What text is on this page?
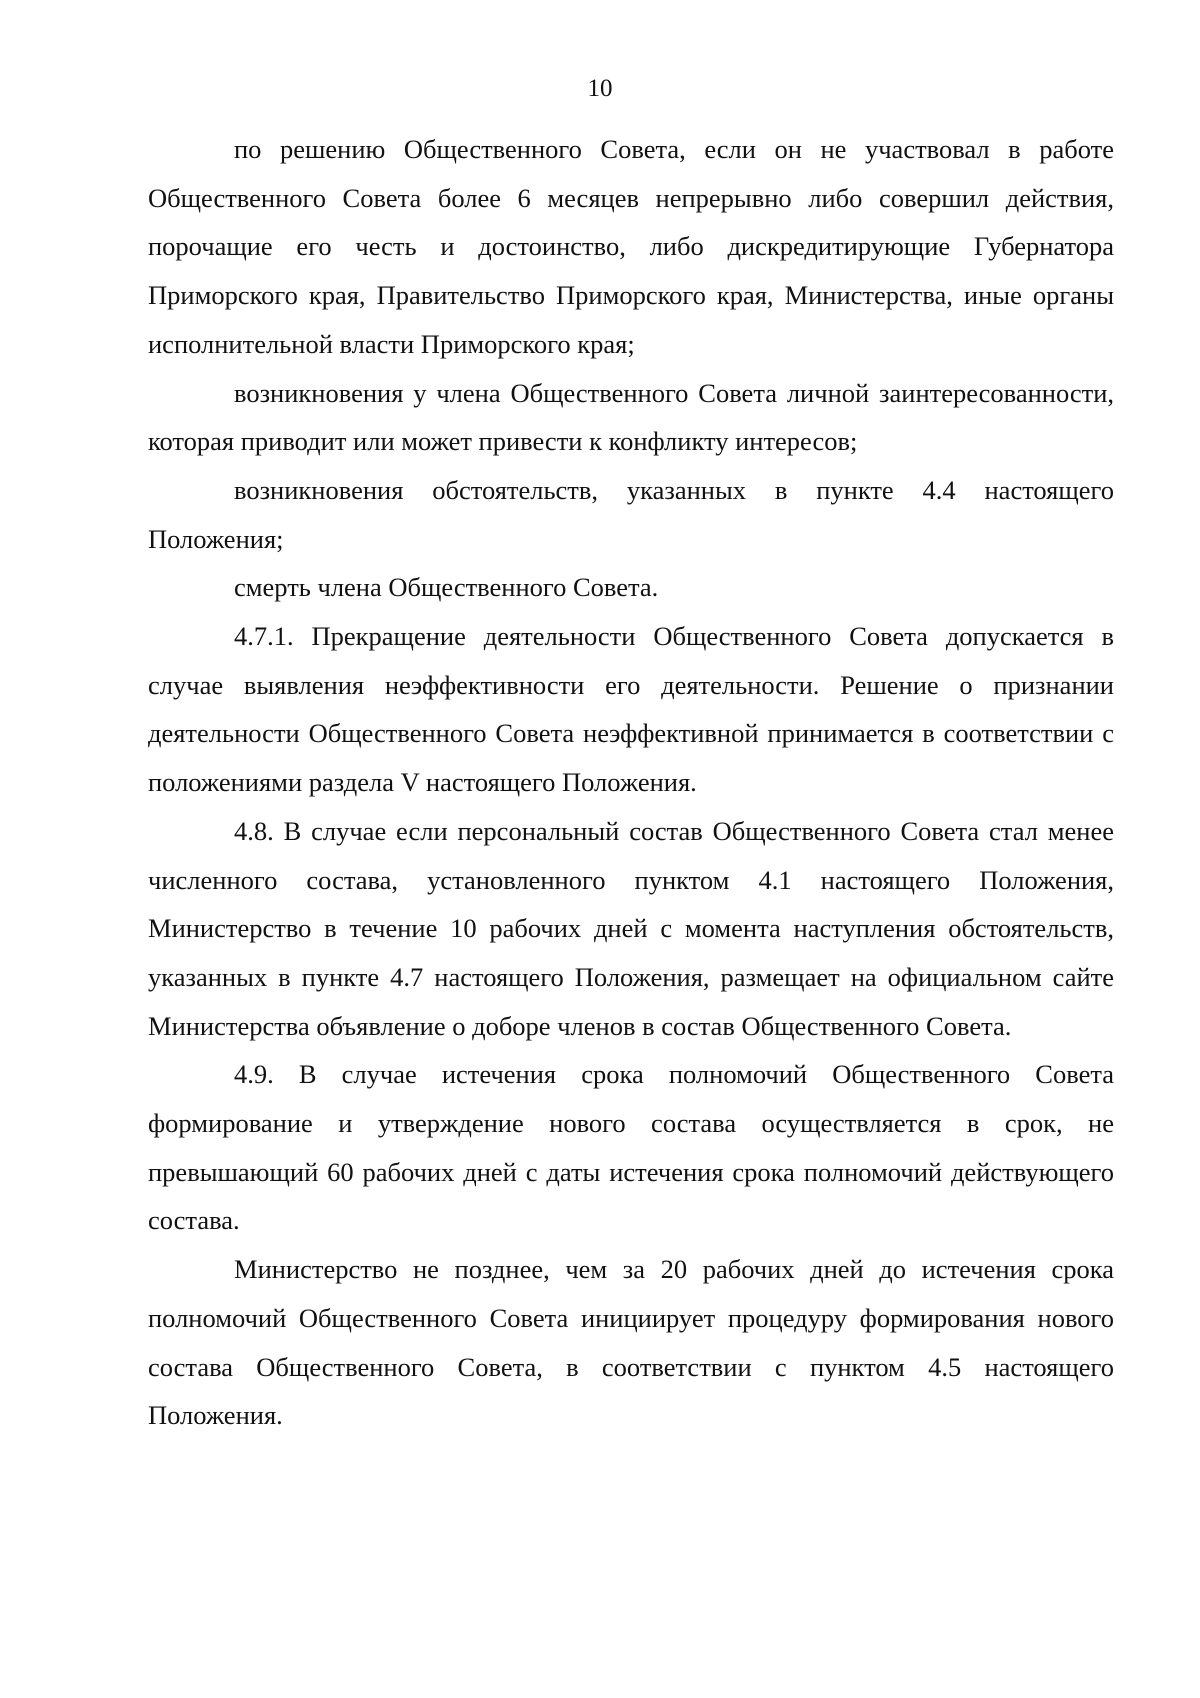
10

по решению Общественного Совета, если он не участвовал в работе Общественного Совета более 6 месяцев непрерывно либо совершил действия, порочащие его честь и достоинство, либо дискредитирующие Губернатора Приморского края, Правительство Приморского края, Министерства, иные органы исполнительной власти Приморского края;

возникновения у члена Общественного Совета личной заинтересованности, которая приводит или может привести к конфликту интересов;

возникновения обстоятельств, указанных в пункте 4.4 настоящего Положения;

смерть члена Общественного Совета.

4.7.1. Прекращение деятельности Общественного Совета допускается в случае выявления неэффективности его деятельности. Решение о признании деятельности Общественного Совета неэффективной принимается в соответствии с положениями раздела V настоящего Положения.

4.8. В случае если персональный состав Общественного Совета стал менее численного состава, установленного пунктом 4.1 настоящего Положения, Министерство в течение 10 рабочих дней с момента наступления обстоятельств, указанных в пункте 4.7 настоящего Положения, размещает на официальном сайте Министерства объявление о доборе членов в состав Общественного Совета.

4.9. В случае истечения срока полномочий Общественного Совета формирование и утверждение нового состава осуществляется в срок, не превышающий 60 рабочих дней с даты истечения срока полномочий действующего состава.

Министерство не позднее, чем за 20 рабочих дней до истечения срока полномочий Общественного Совета инициирует процедуру формирования нового состава Общественного Совета, в соответствии с пунктом 4.5 настоящего Положения.
